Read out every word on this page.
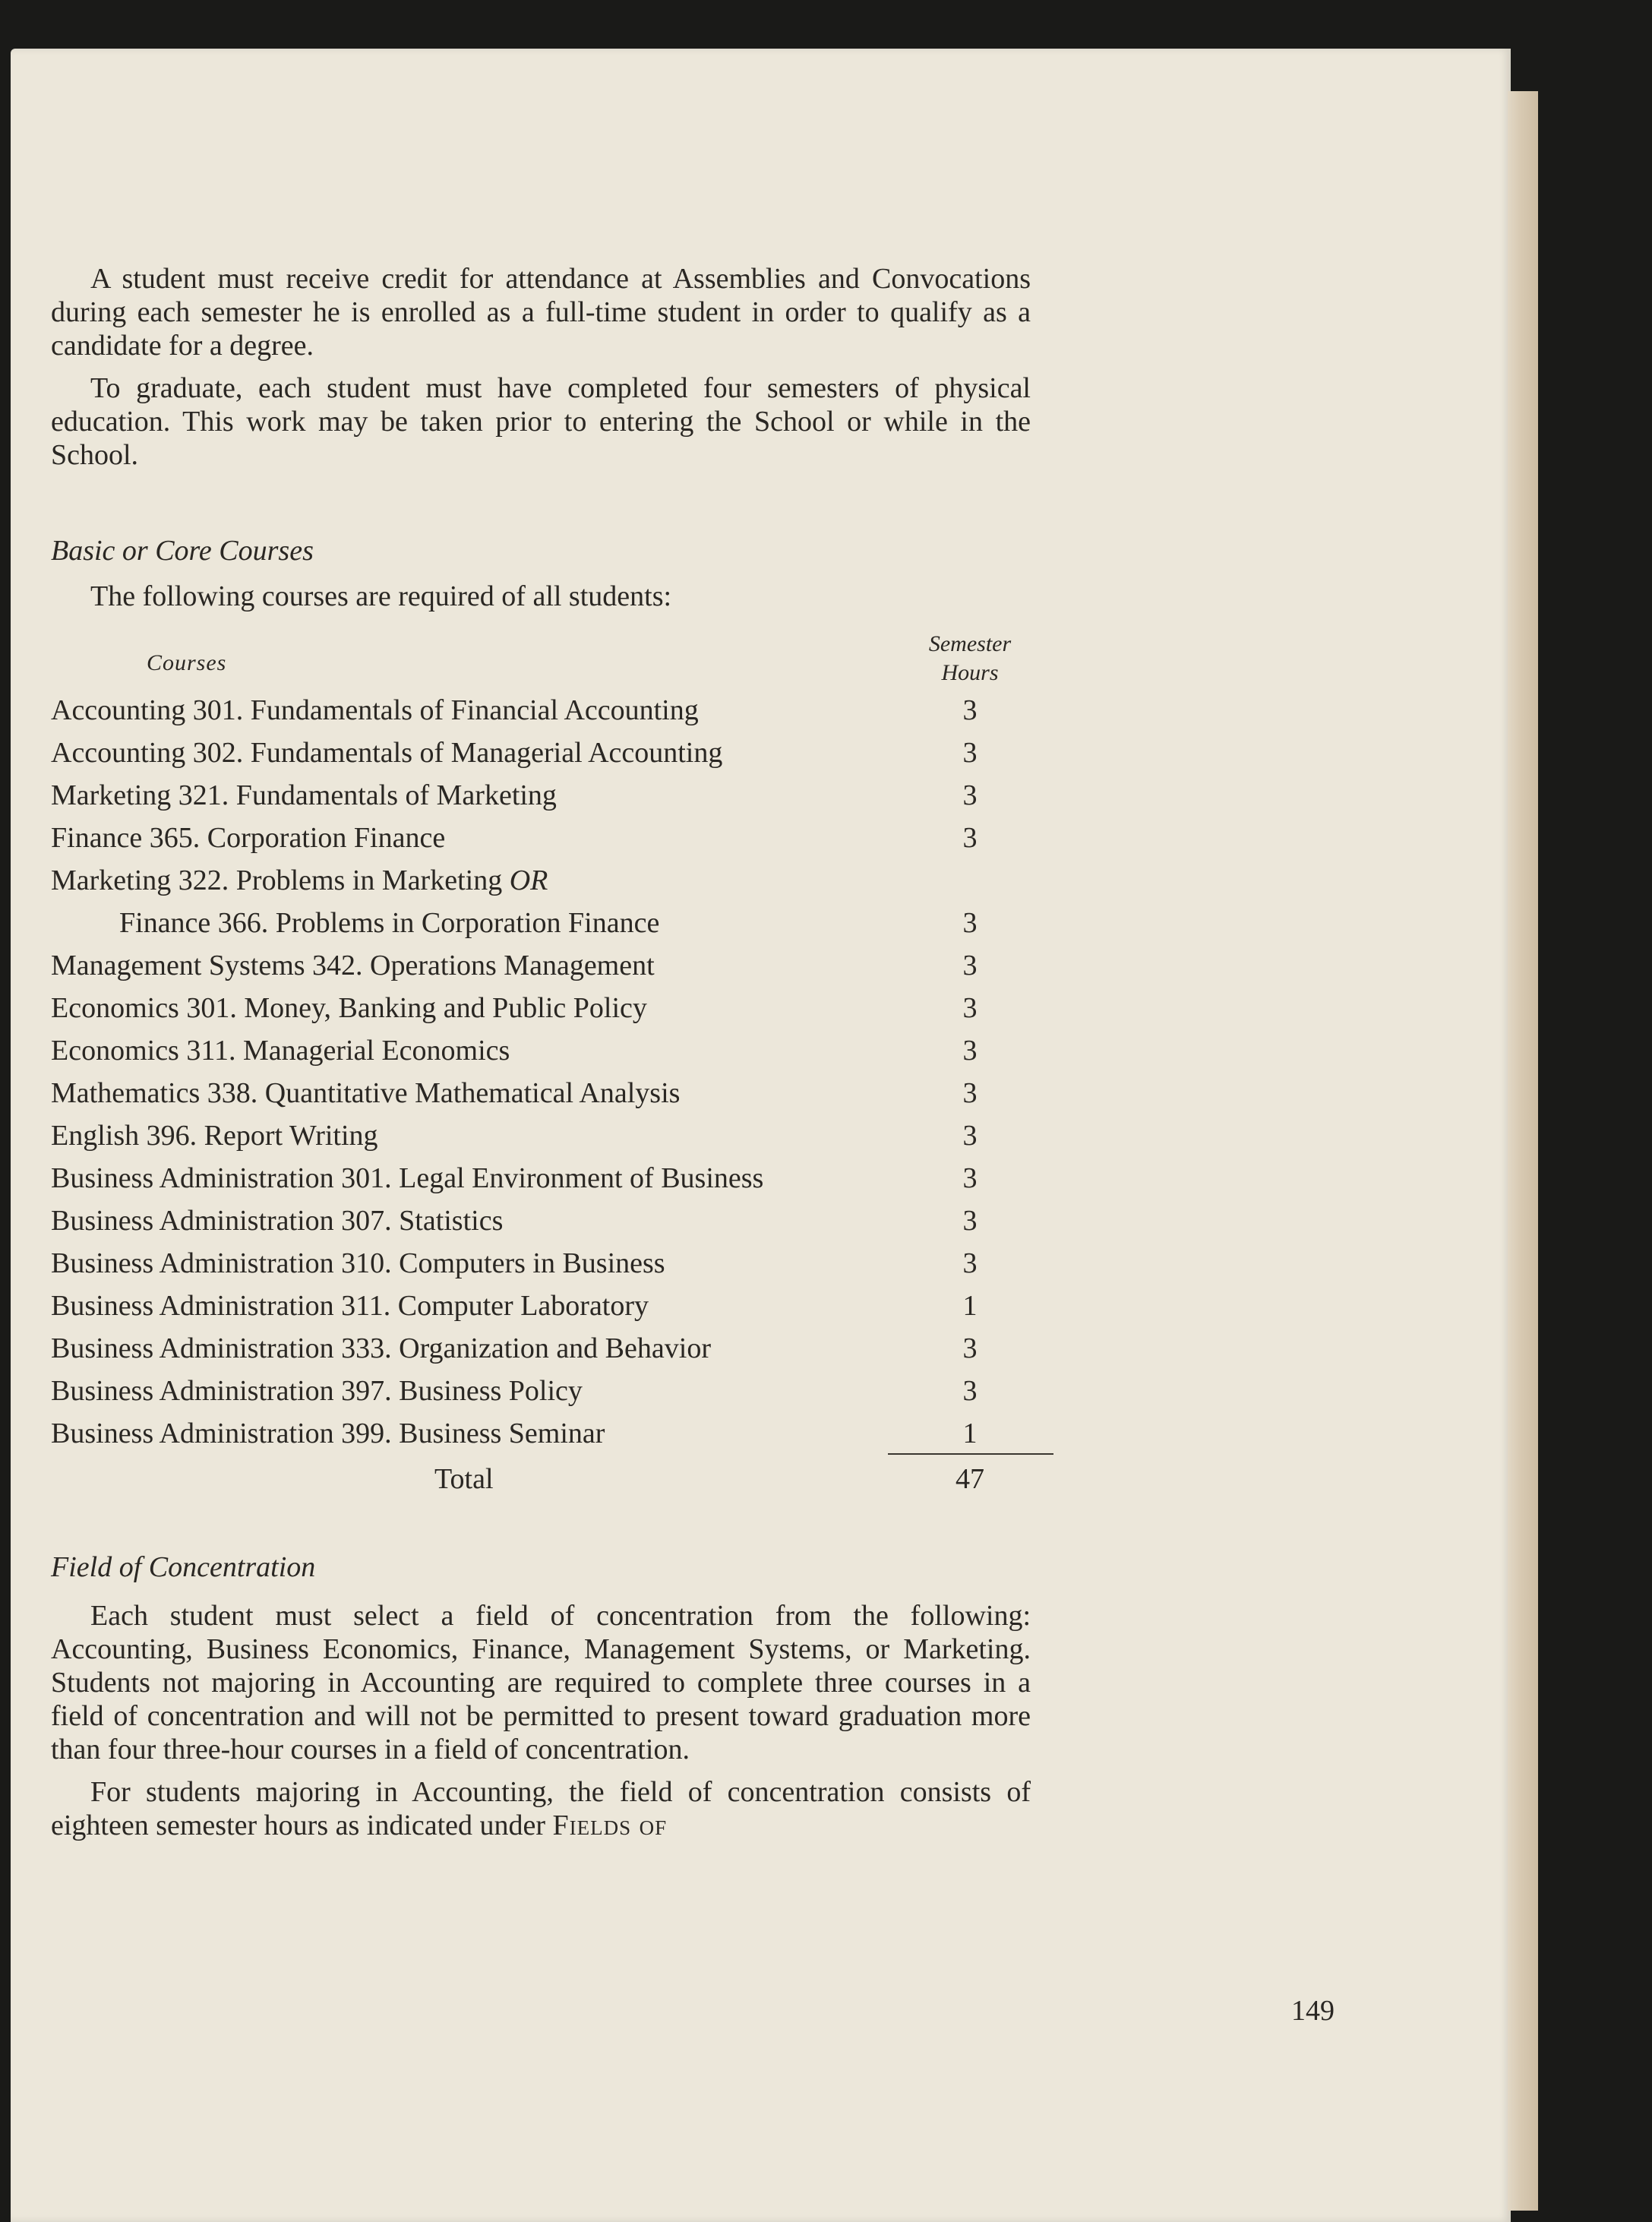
A student must receive credit for attendance at Assemblies and Convocations during each semester he is enrolled as a full-time student in order to qualify as a candidate for a degree.

To graduate, each student must have completed four semesters of physical education. This work may be taken prior to entering the School or while in the School.

Basic or Core Courses
The following courses are required of all students:
Courses
Semester
Hours
Accounting 301. Fundamentals of Financial Accounting	3
Accounting 302. Fundamentals of Managerial Accounting	3
Marketing 321. Fundamentals of Marketing	3
Finance 365. Corporation Finance	3
Marketing 322. Problems in Marketing OR
Finance 366. Problems in Corporation Finance	3
Management Systems 342. Operations Management	3
Economics 301. Money, Banking and Public Policy	3
Economics 311. Managerial Economics	3
Mathematics 338. Quantitative Mathematical Analysis	3
English 396. Report Writing	3
Business Administration 301. Legal Environment of Business	3
Business Administration 307. Statistics	3
Business Administration 310. Computers in Business	3
Business Administration 311. Computer Laboratory	1
Business Administration 333. Organization and Behavior	3
Business Administration 397. Business Policy	3
Business Administration 399. Business Seminar	1
Total	47
Field of Concentration

Each student must select a field of concentration from the following: Accounting, Business Economics, Finance, Management Systems, or Marketing. Students not majoring in Accounting are required to complete three courses in a field of concentration and will not be permitted to present toward graduation more than four three-hour courses in a field of concentration.

For students majoring in Accounting, the field of concentration consists of eighteen semester hours as indicated under Fields of

149
